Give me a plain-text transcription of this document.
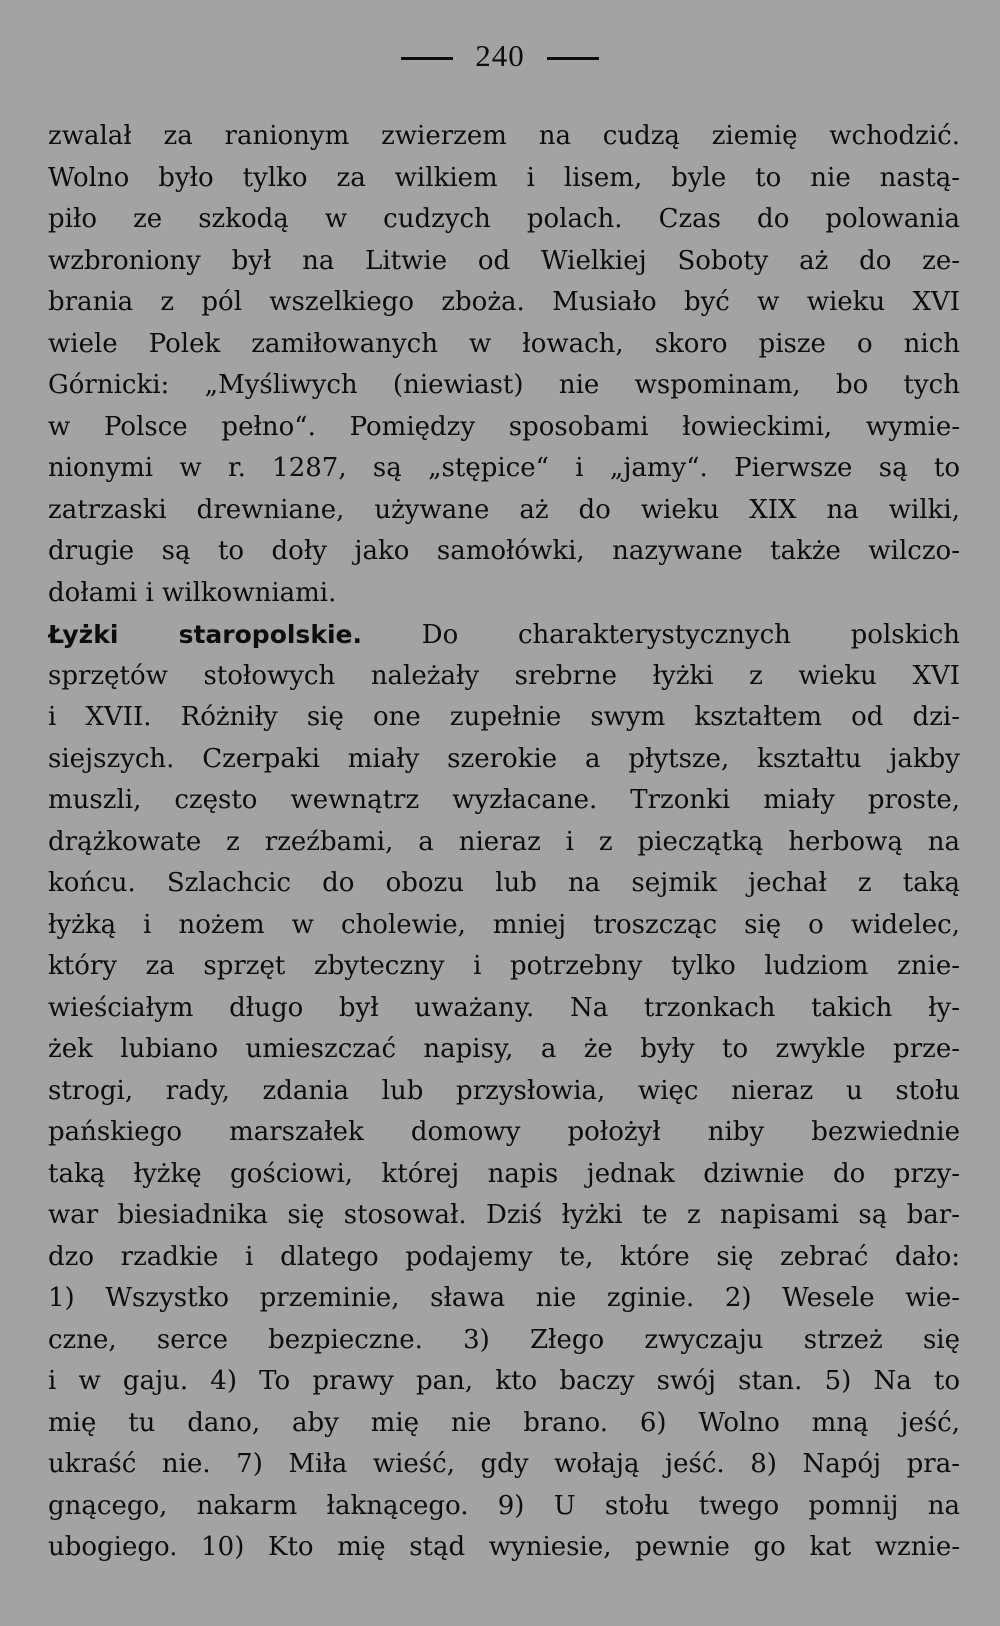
240
zwalał za ranionym zwierzem na cudzą ziemię wchodzić.
Wolno było tylko za wilkiem i lisem, byle to nie nastą-
piło ze szkodą w cudzych polach. Czas do polowania
wzbroniony był na Litwie od Wielkiej Soboty aż do ze-
brania z pól wszelkiego zboża. Musiało być w wieku XVI
wiele Polek zamiłowanych w łowach, skoro pisze o nich
Górnicki: „Myśliwych (niewiast) nie wspominam, bo tych
w Polsce pełno“. Pomiędzy sposobami łowieckimi, wymie-
nionymi w r. 1287, są „stępice“ i „jamy“. Pierwsze są to
zatrzaski drewniane, używane aż do wieku XIX na wilki,
drugie są to doły jako samołówki, nazywane także wilczo-
dołami i wilkowniami.
Łyżki staropolskie. Do charakterystycznych polskich
sprzętów stołowych należały srebrne łyżki z wieku XVI
i XVII. Różniły się one zupełnie swym kształtem od dzi-
siejszych. Czerpaki miały szerokie a płytsze, kształtu jakby
muszli, często wewnątrz wyzłacane. Trzonki miały proste,
drążkowate z rzeźbami, a nieraz i z pieczątką herbową na
końcu. Szlachcic do obozu lub na sejmik jechał z taką
łyżką i nożem w cholewie, mniej troszcząc się o widelec,
który za sprzęt zbyteczny i potrzebny tylko ludziom znie-
wieściałym długo był uważany. Na trzonkach takich ły-
żek lubiano umieszczać napisy, a że były to zwykle prze-
strogi, rady, zdania lub przysłowia, więc nieraz u stołu
pańskiego marszałek domowy położył niby bezwiednie
taką łyżkę gościowi, której napis jednak dziwnie do przy-
war biesiadnika się stosował. Dziś łyżki te z napisami są bar-
dzo rzadkie i dlatego podajemy te, które się zebrać dało:
1) Wszystko przeminie, sława nie zginie. 2) Wesele wie-
czne, serce bezpieczne. 3) Złego zwyczaju strzeż się
i w gaju. 4) To prawy pan, kto baczy swój stan. 5) Na to
mię tu dano, aby mię nie brano. 6) Wolno mną jeść,
ukraść nie. 7) Miła wieść, gdy wołają jeść. 8) Napój pra-
gnącego, nakarm łaknącego. 9) U stołu twego pomnij na
ubogiego. 10) Kto mię stąd wyniesie, pewnie go kat wznie-
